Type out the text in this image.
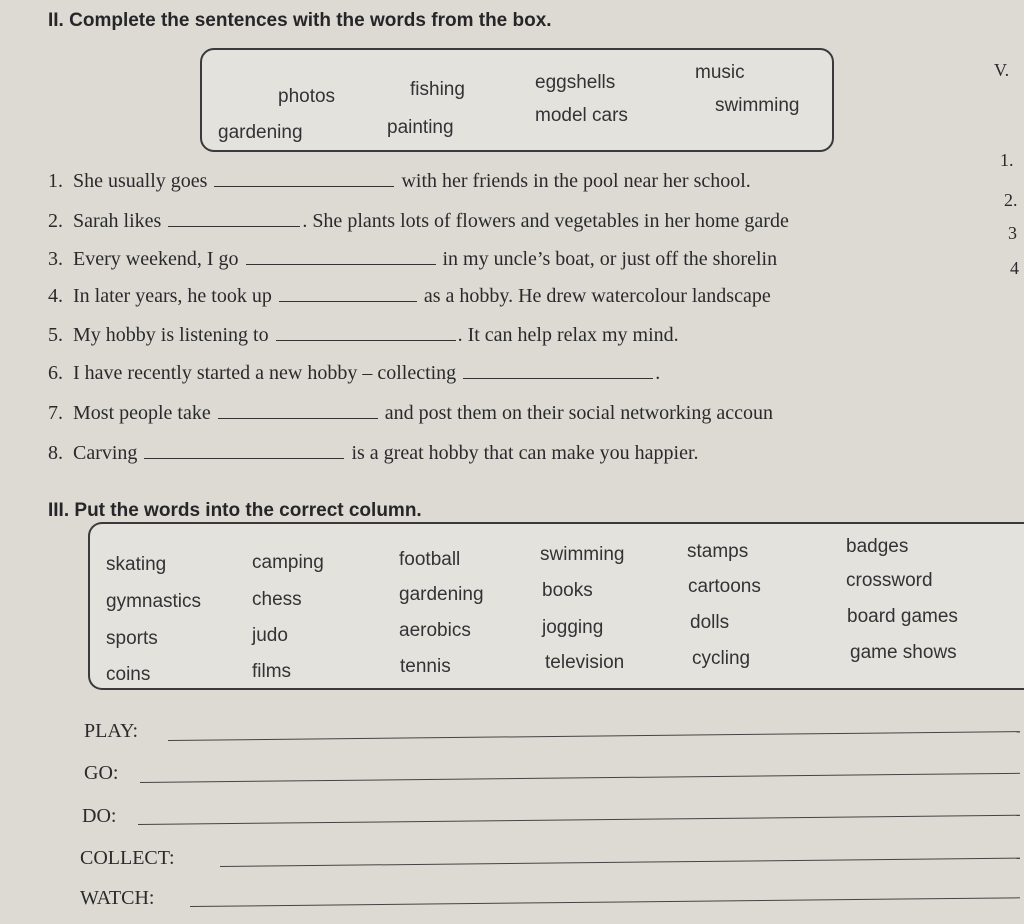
II. Complete the sentences with the words from the box.
photos	fishing	eggshells	music
gardening	painting
model cars	swimming
V.
1.
2.
3
4
1. She usually goes	with her friends in the pool near her school.
2. Sarah likes	. She plants lots of flowers and vegetables in her home garde
3. Every weekend, I go	in my uncle’s boat, or just off the shorelin
4. In later years, he took up	as a hobby. He drew watercolour landscape
5. My hobby is listening to	. It can help relax my mind.
6. I have recently started a new hobby – collecting	.
7. Most people take	and post them on their social networking accoun
8. Carving	is a great hobby that can make you happier.
III. Put the words into the correct column.
skating	camping	football	swimming	stamps	badges
gymnastics	chess	gardening	books	cartoons	crossword
sports	judo	aerobics	jogging	dolls	board games
coins	films	tennis	television	cycling	game shows
PLAY:
GO:
DO:
COLLECT:
WATCH:
